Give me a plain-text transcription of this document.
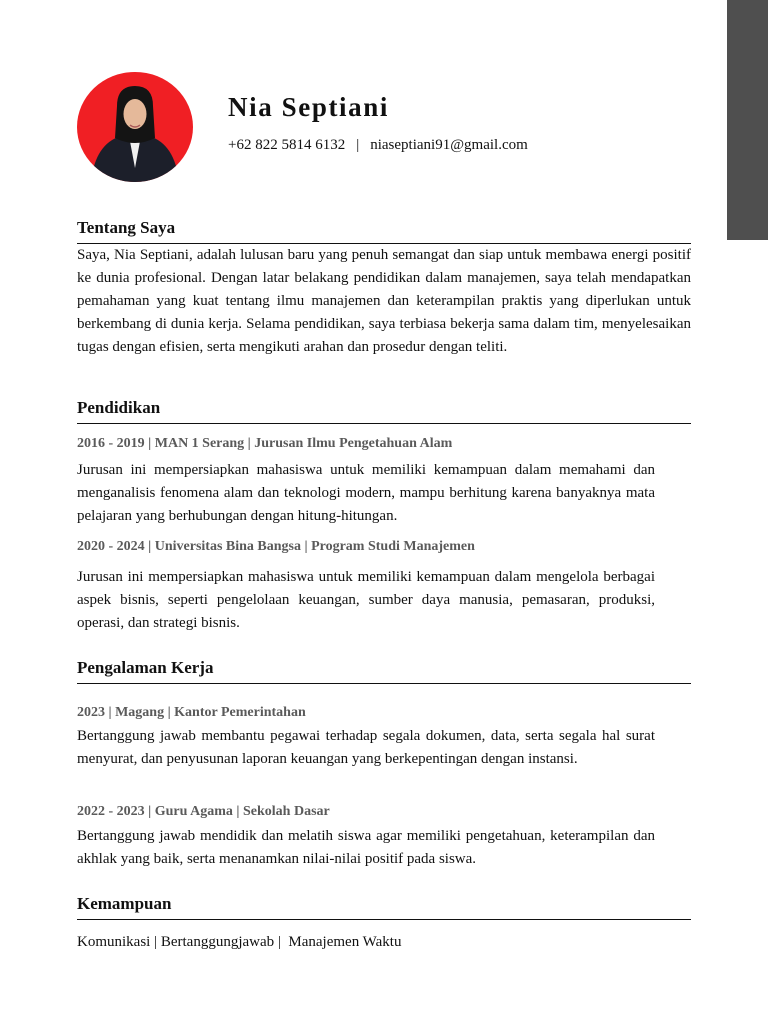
Nia Septiani
+62 822 5814 6132 | niaseptiani91@gmail.com
Tentang Saya

Saya, Nia Septiani, adalah lulusan baru yang penuh semangat dan siap untuk membawa energi positif ke dunia profesional. Dengan latar belakang pendidikan dalam manajemen, saya telah mendapatkan pemahaman yang kuat tentang ilmu manajemen dan keterampilan praktis yang diperlukan untuk berkembang di dunia kerja. Selama pendidikan, saya terbiasa bekerja sama dalam tim, menyelesaikan tugas dengan efisien, serta mengikuti arahan dan prosedur dengan teliti.

Pendidikan

2016 - 2019 | MAN 1 Serang | Jurusan Ilmu Pengetahuan Alam

Jurusan ini mempersiapkan mahasiswa untuk memiliki kemampuan dalam memahami dan menganalisis fenomena alam dan teknologi modern, mampu berhitung karena banyaknya mata pelajaran yang berhubungan dengan hitung-hitungan.

2020 - 2024 | Universitas Bina Bangsa | Program Studi Manajemen

Jurusan ini mempersiapkan mahasiswa untuk memiliki kemampuan dalam mengelola berbagai aspek bisnis, seperti pengelolaan keuangan, sumber daya manusia, pemasaran, produksi, operasi, dan strategi bisnis.

Pengalaman Kerja

2023 | Magang | Kantor Pemerintahan

Bertanggung jawab membantu pegawai terhadap segala dokumen, data, serta segala hal surat menyurat, dan penyusunan laporan keuangan yang berkepentingan dengan instansi.

2022 - 2023 | Guru Agama | Sekolah Dasar

Bertanggung jawab mendidik dan melatih siswa agar memiliki pengetahuan, keterampilan dan akhlak yang baik, serta menanamkan nilai-nilai positif pada siswa.

Kemampuan
Komunikasi | Bertanggungjawab |  Manajemen Waktu
